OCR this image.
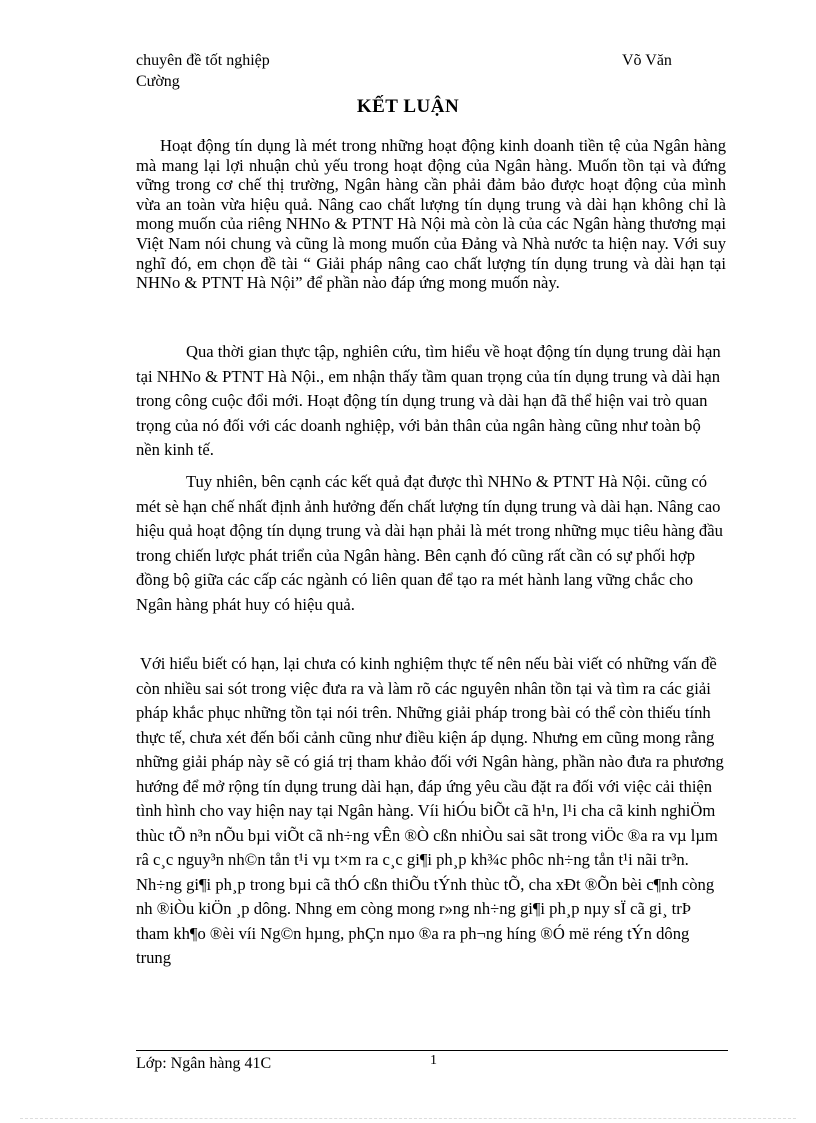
chuyên đề tốt nghiệp
Cường
Võ Văn
KẾT LUẬN

Hoạt động tín dụng là mét trong những hoạt động kinh doanh tiền tệ của Ngân hàng mà mang lại lợi nhuận chủ yếu trong hoạt động của Ngân hàng. Muốn tồn tại và đứng vững trong cơ chế thị trường, Ngân hàng cần phải đảm bảo được hoạt động của mình vừa an toàn vừa hiệu quả. Nâng cao chất lượng tín dụng trung và dài hạn không chỉ là mong muốn của riêng NHNo & PTNT Hà Nội mà còn là của các Ngân hàng thương mại Việt Nam nói chung và cũng là mong muốn của Đảng và Nhà nước ta hiện nay. Với suy nghĩ đó, em chọn đề tài “ Giải pháp nâng cao chất lượng tín dụng trung và dài hạn tại NHNo & PTNT Hà Nội” để phần nào đáp ứng mong muốn này.

Qua thời gian thực tập, nghiên cứu, tìm hiểu về hoạt động tín dụng trung dài hạn tại NHNo & PTNT Hà Nội., em nhận thấy tầm quan trọng của tín dụng trung và dài hạn trong công cuộc đổi mới. Hoạt động tín dụng trung và dài hạn đã thể hiện vai trò quan trọng của nó đối với các doanh nghiệp, với bản thân của ngân hàng cũng như toàn bộ nền kinh tế.

Tuy nhiên, bên cạnh các kết quả đạt được thì NHNo & PTNT Hà Nội. cũng có mét sè hạn chế nhất định ảnh hưởng đến chất lượng tín dụng trung và dài hạn. Nâng cao hiệu quả hoạt động tín dụng trung và dài hạn phải là mét trong những mục tiêu hàng đầu trong chiến lược phát triển của Ngân hàng. Bên cạnh đó cũng rất cần có sự phối hợp đồng bộ giữa các cấp các ngành có liên quan để tạo ra mét hành lang vững chắc cho Ngân hàng phát huy có hiệu quả.

Với hiểu biết có hạn, lại chưa có kinh nghiệm thực tế nên nếu bài viết có những vấn đề còn nhiều sai sót trong việc đưa ra và làm rõ các nguyên nhân tồn tại và tìm ra các giải pháp khắc phục những tồn tại nói trên. Những giải pháp trong bài có thể còn thiếu tính thực tế, chưa xét đến bối cảnh cũng như điều kiện áp dụng. Nhưng em cũng mong rằng những giải pháp này sẽ có giá trị tham khảo đối với Ngân hàng, phần nào đưa ra phương hướng để mở rộng tín dụng trung dài hạn, đáp ứng yêu cầu đặt ra đối với việc cải thiện tình hình cho vay hiện nay tại Ngân hàng. Víi hiÓu biÕt cã h¹n, l¹i cha cã kinh nghiÖm thùc tÕ n³n nÕu bµi viÕt cã nh÷ng vÊn ®Ò cßn nhiÒu sai sãt trong viÖc ®a ra vµ lµm râ c¸c nguy³n nh©n tån t¹i vµ t×m ra c¸c gi¶i ph¸p kh¾c phôc nh÷ng tån t¹i nãi tr³n. Nh÷ng gi¶i ph¸p trong bµi cã thÓ cßn thiÕu tÝnh thùc tÕ, cha xÐt ®Õn bèi c¶nh còng nh ®iÒu kiÖn ¸p dông. Nhng em còng mong r»ng nh÷ng gi¶i ph¸p nµy sÏ cã gi¸ trÞ tham kh¶o ®èi víi Ng©n hµng, phÇn nµo ®a ra ph¬ng híng ®Ó më réng tÝn dông trung

Lớp: Ngân hàng 41C	1
